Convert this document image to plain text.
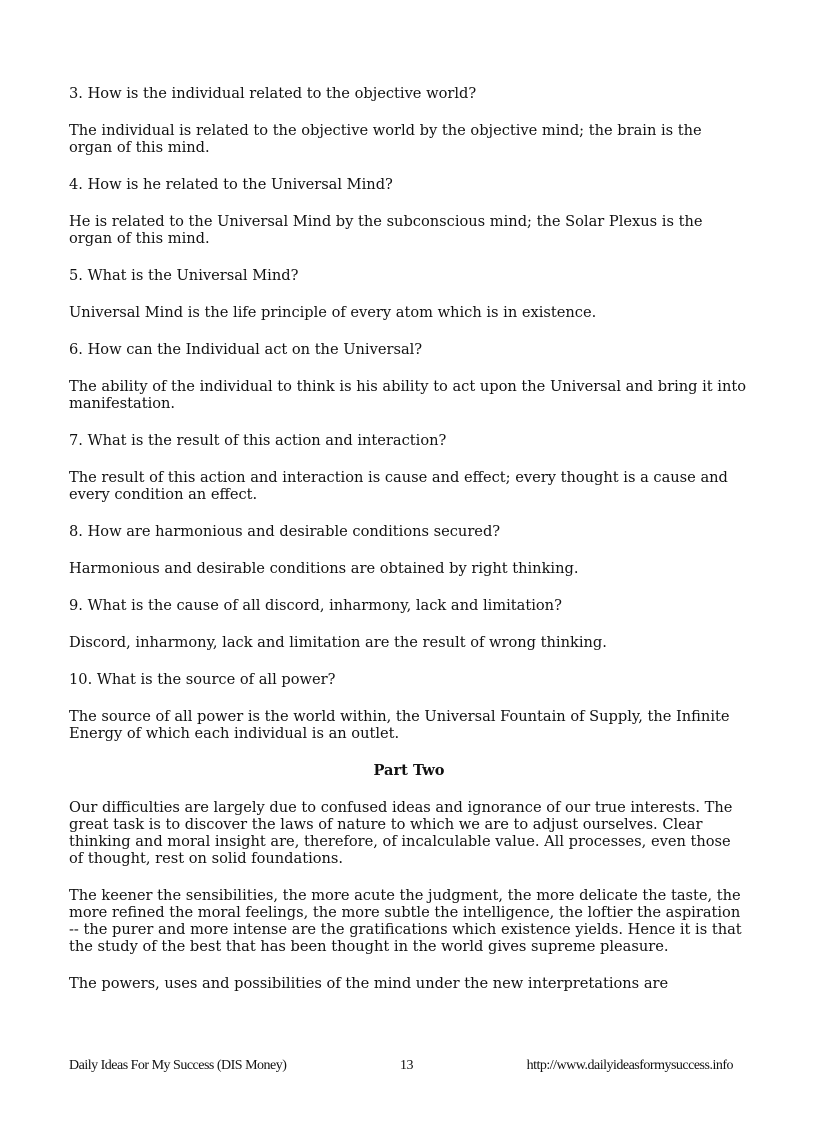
3. How is the individual related to the objective world?

The individual is related to the objective world by the objective mind; the brain is the organ of this mind.

4. How is he related to the Universal Mind?

He is related to the Universal Mind by the subconscious mind; the Solar Plexus is the organ of this mind.

5. What is the Universal Mind?

Universal Mind is the life principle of every atom which is in existence.

6. How can the Individual act on the Universal?

The ability of the individual to think is his ability to act upon the Universal and bring it into manifestation.

7. What is the result of this action and interaction?

The result of this action and interaction is cause and effect; every thought is a cause and every condition an effect.

8. How are harmonious and desirable conditions secured?

Harmonious and desirable conditions are obtained by right thinking.

9. What is the cause of all discord, inharmony, lack and limitation?

Discord, inharmony, lack and limitation are the result of wrong thinking.

10. What is the source of all power?

The source of all power is the world within, the Universal Fountain of Supply, the Infinite Energy of which each individual is an outlet.

Part Two

Our difficulties are largely due to confused ideas and ignorance of our true interests. The great task is to discover the laws of nature to which we are to adjust ourselves. Clear thinking and moral insight are, therefore, of incalculable value. All processes, even those of thought, rest on solid foundations.

The keener the sensibilities, the more acute the judgment, the more delicate the taste, the more refined the moral feelings, the more subtle the intelligence, the loftier the aspiration -- the purer and more intense are the gratifications which existence yields. Hence it is that the study of the best that has been thought in the world gives supreme pleasure.

The powers, uses and possibilities of the mind under the new interpretations are

Daily Ideas For My Success (DIS Money)	13	http://www.dailyideasformysuccess.info
